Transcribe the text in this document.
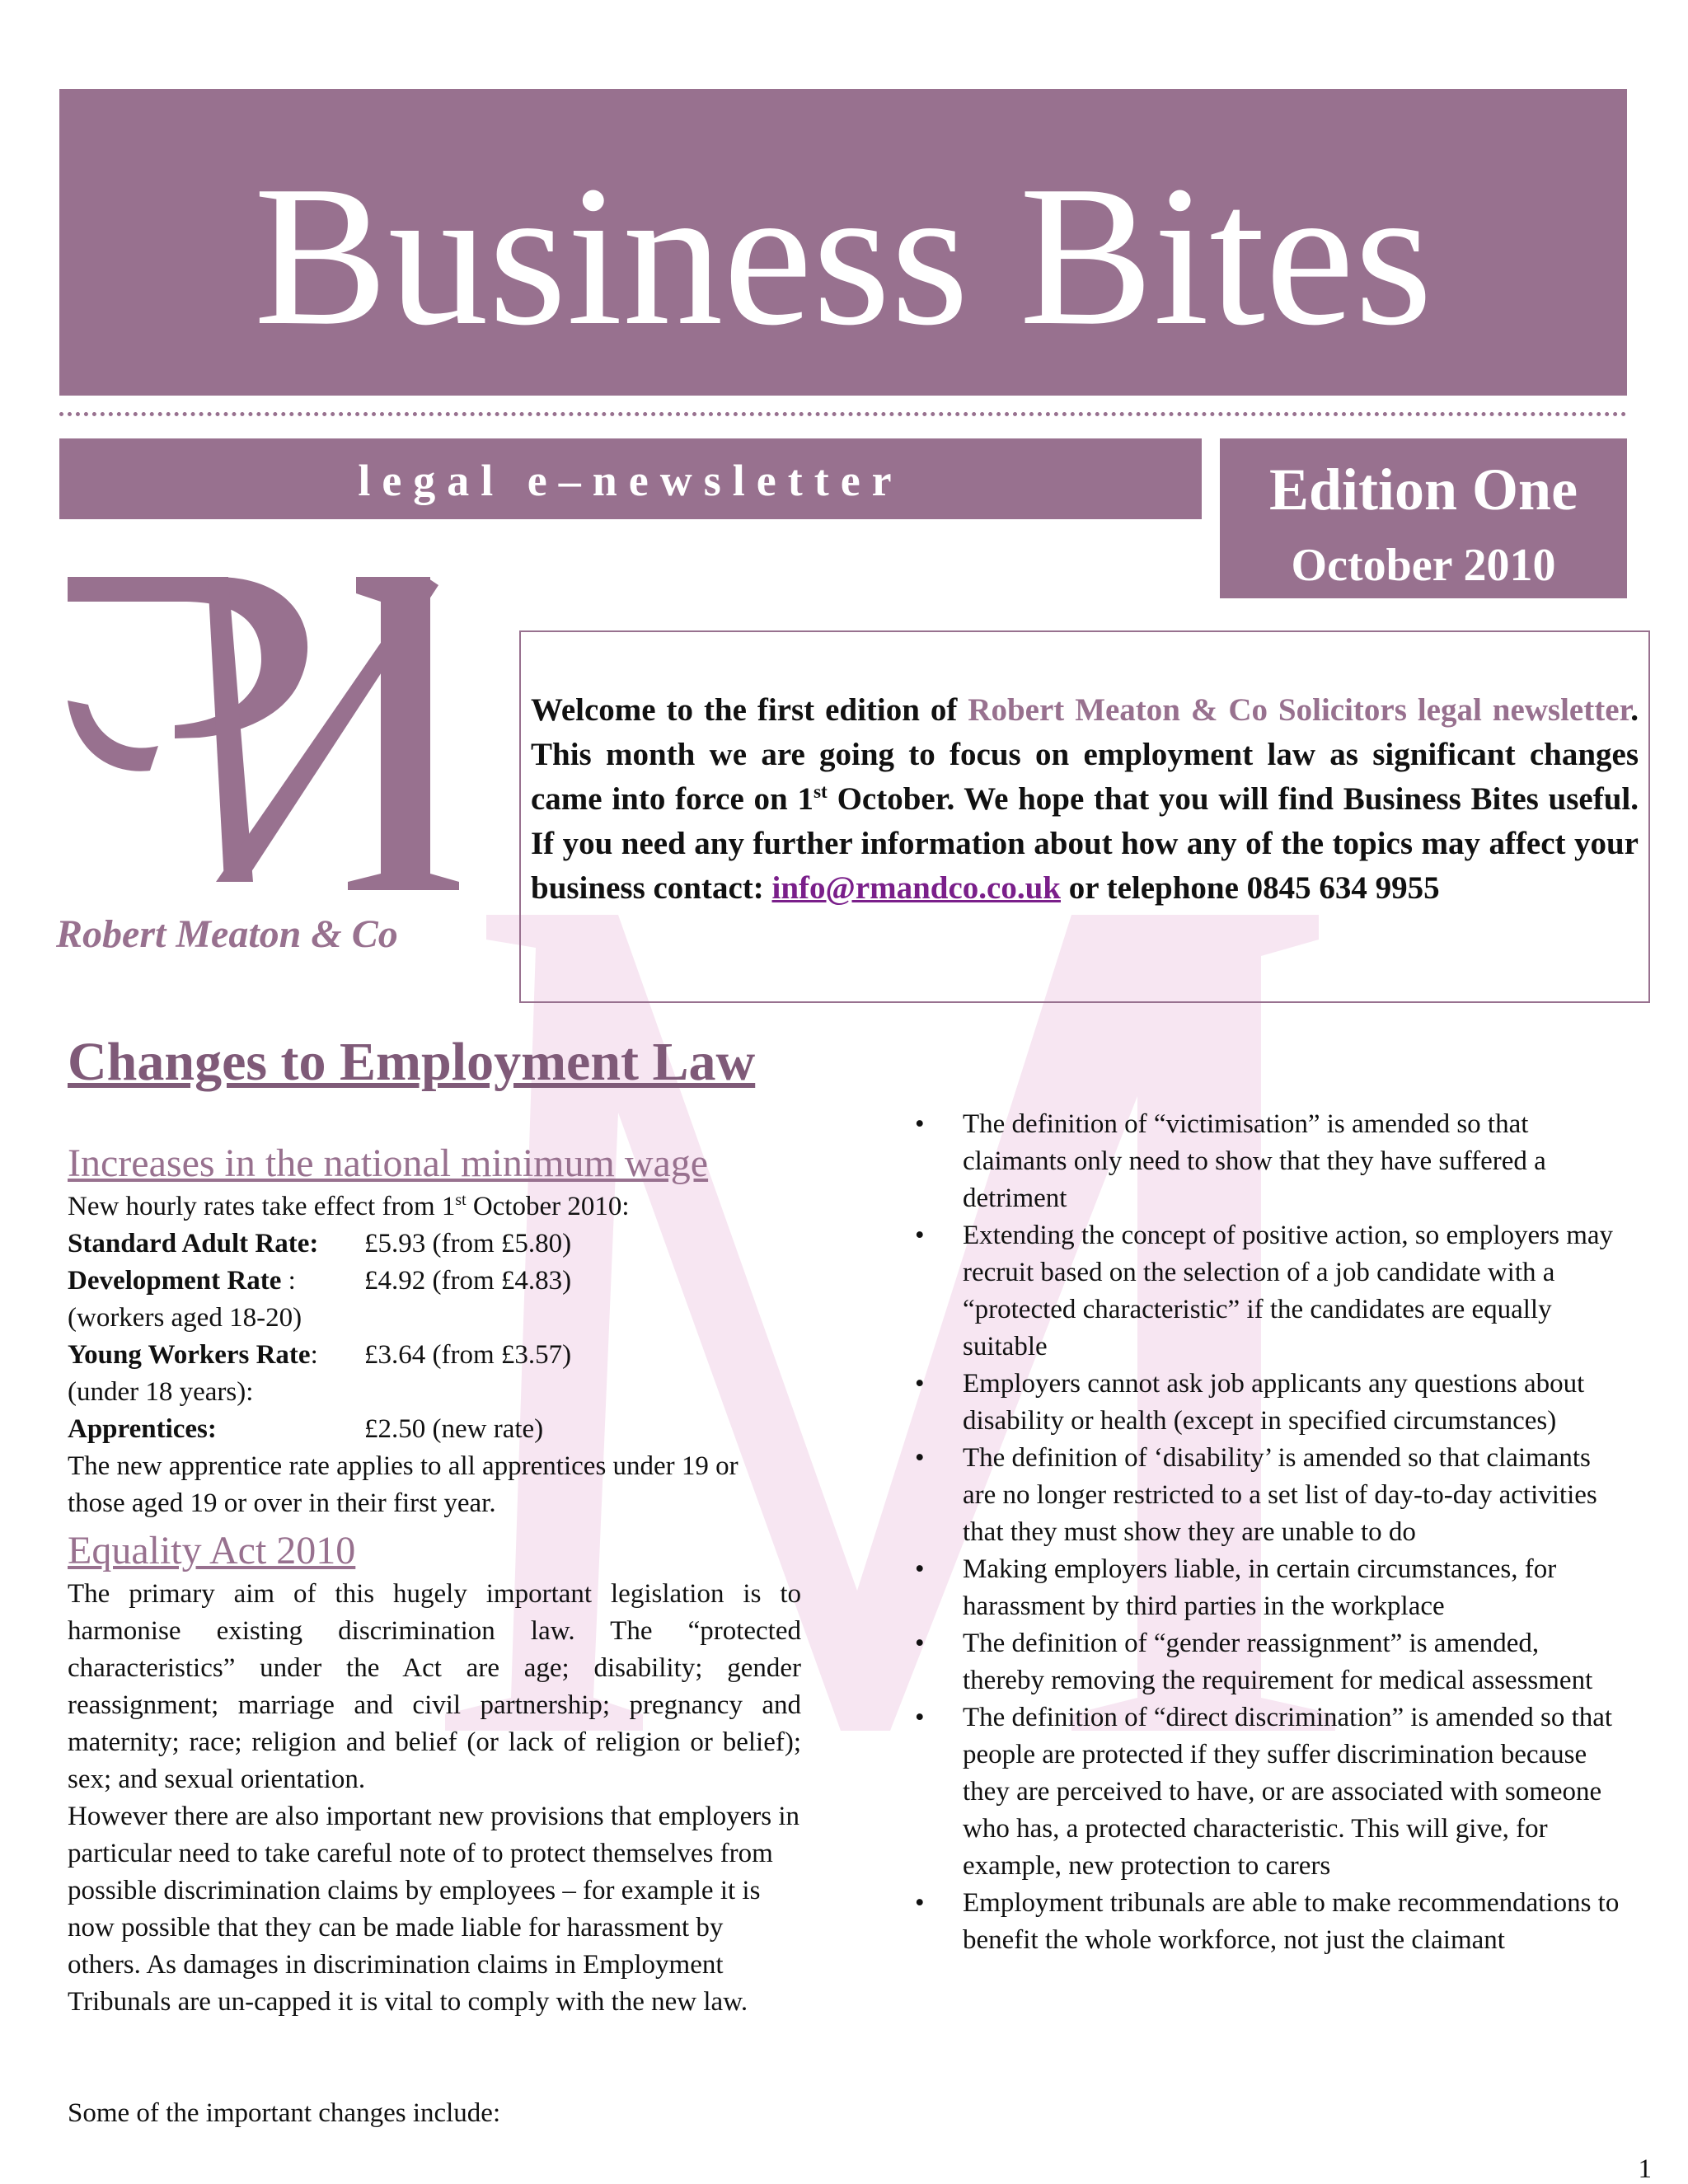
Business Bites
legal e–newsletter	Edition One
October 2010
Robert Meaton & Co
Welcome to the first edition of Robert Meaton & Co Solicitors legal newsletter. This month we are going to focus on employment law as significant changes came into force on 1st October. We hope that you will find Business Bites useful. If you need any further information about how any of the topics may affect your business contact: info@rmandco.co.uk or telephone 0845 634 9955
Changes to Employment Law
Increases in the national minimum wage
New hourly rates take effect from 1st October 2010:
Standard Adult Rate: £5.93 (from £5.80)
Development Rate :	£4.92 (from £4.83)
(workers aged 18-20)
Young Workers Rate: £3.64 (from £3.57)
(under 18 years):
Apprentices:	£2.50 (new rate)
The new apprentice rate applies to all apprentices under 19 or those aged 19 or over in their first year.
Equality Act 2010
The primary aim of this hugely important legislation is to harmonise existing discrimination law. The “protected characteristics” under the Act are age; disability; gender reassignment; marriage and civil partnership; pregnancy and maternity; race; religion and belief (or lack of religion or belief); sex; and sexual orientation.
However there are also important new provisions that employers in particular need to take careful note of to protect themselves from possible discrimination claims by employees – for example it is now possible that they can be made liable for harassment by others. As damages in discrimination claims in Employment Tribunals are un-capped it is vital to comply with the new law.
Some of the important changes include:
• The definition of “victimisation” is amended so that claimants only need to show that they have suffered a detriment
• Extending the concept of positive action, so employers may recruit based on the selection of a job candidate with a “protected characteristic” if the candidates are equally suitable
• Employers cannot ask job applicants any questions about disability or health (except in specified circumstances)
• The definition of ‘disability’ is amended so that claimants are no longer restricted to a set list of day-to-day activities that they must show they are unable to do
• Making employers liable, in certain circumstances, for harassment by third parties in the workplace
• The definition of “gender reassignment” is amended, thereby removing the requirement for medical assessment
• The definition of “direct discrimination” is amended so that people are protected if they suffer discrimination because they are perceived to have, or are associated with someone who has, a protected characteristic. This will give, for example, new protection to carers
• Employment tribunals are able to make recommendations to benefit the whole workforce, not just the claimant
1
